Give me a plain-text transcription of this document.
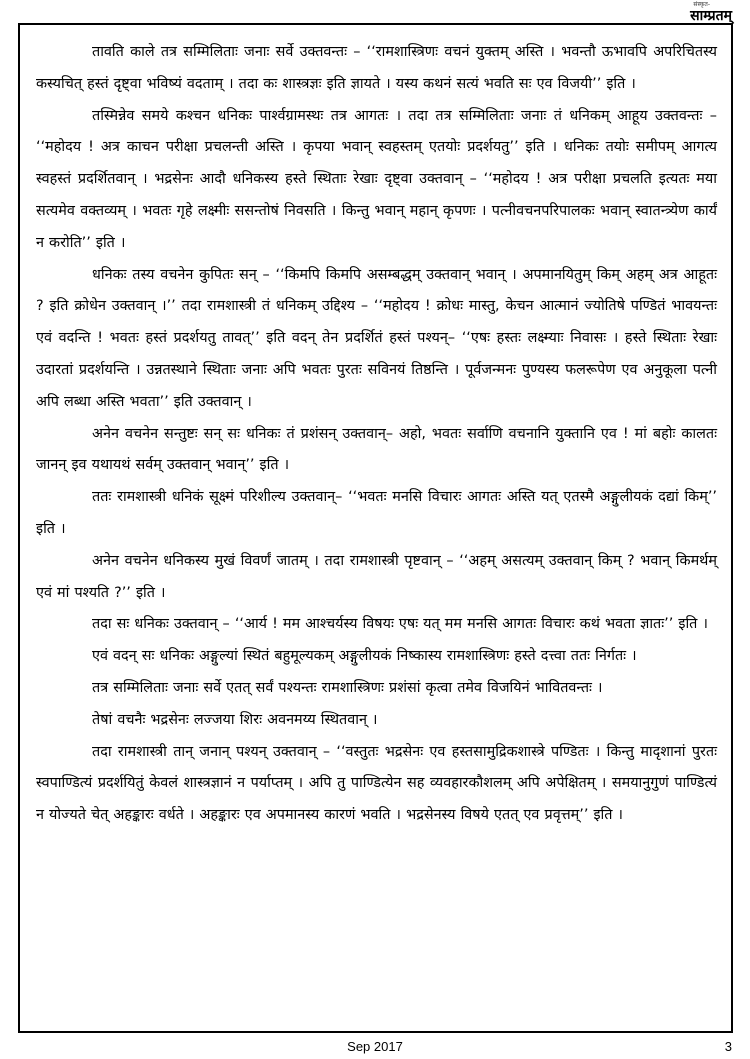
संस्कृत-
साम्प्रतम्

तावति काले तत्र सम्मिलिताः जनाः सर्वे उक्तवन्तः – ‘‘रामशास्त्रिणः वचनं युक्तम् अस्ति । भवन्तौ ऊभावपि अपरिचितस्य कस्यचित् हस्तं दृष्ट्वा भविष्यं वदताम् । तदा कः शास्त्रज्ञः इति ज्ञायते । यस्य कथनं सत्यं भवति सः एव विजयी’’ इति ।

तस्मिन्नेव समये कश्चन धनिकः पार्श्वग्रामस्थः तत्र आगतः । तदा तत्र सम्मिलिताः जनाः तं धनिकम् आहूय उक्तवन्तः – ‘‘महोदय ! अत्र काचन परीक्षा प्रचलन्ती अस्ति । कृपया भवान् स्वहस्तम् एतयोः प्रदर्शयतु’’ इति । धनिकः तयोः समीपम् आगत्य स्वहस्तं प्रदर्शितवान् । भद्रसेनः आदौ धनिकस्य हस्ते स्थिताः रेखाः दृष्ट्वा उक्तवान् – ‘‘महोदय ! अत्र परीक्षा प्रचलति इत्यतः मया सत्यमेव वक्तव्यम् । भवतः गृहे लक्ष्मीः ससन्तोषं निवसति । किन्तु भवान् महान् कृपणः । पत्नीवचनपरिपालकः भवान् स्वातन्त्र्येण कार्यं न करोति’’ इति ।

धनिकः तस्य वचनेन कुपितः सन् – ‘‘किमपि किमपि असम्बद्धम् उक्तवान् भवान् । अपमानयितुम् किम् अहम् अत्र आहूतः ? इति क्रोधेन उक्तवान् ।’’ तदा रामशास्त्री तं धनिकम् उद्दिश्य – ‘‘महोदय ! क्रोधः मास्तु, केचन आत्मानं ज्योतिषे पण्डितं भावयन्तः एवं वदन्ति ! भवतः हस्तं प्रदर्शयतु तावत्’’ इति वदन् तेन प्रदर्शितं हस्तं पश्यन्– ‘‘एषः हस्तः लक्ष्म्याः निवासः । हस्ते स्थिताः रेखाः उदारतां प्रदर्शयन्ति । उन्नतस्थाने स्थिताः जनाः अपि भवतः पुरतः सविनयं तिष्ठन्ति । पूर्वजन्मनः पुण्यस्य फलरूपेण एव अनुकूला पत्नी अपि लब्धा अस्ति भवता’’ इति उक्तवान् ।

अनेन वचनेन सन्तुष्टः सन् सः धनिकः तं प्रशंसन् उक्तवान्– अहो, भवतः सर्वाणि वचनानि युक्तानि एव ! मां बहोः कालतः जानन् इव यथायथं सर्वम् उक्तवान् भवान्’’ इति ।

ततः रामशास्त्री धनिकं सूक्ष्मं परिशील्य उक्तवान्– ‘‘भवतः मनसि विचारः आगतः अस्ति यत् एतस्मै अङ्गुलीयकं दद्यां किम्’’ इति ।

अनेन वचनेन धनिकस्य मुखं विवर्णं जातम् । तदा रामशास्त्री पृष्टवान् – ‘‘अहम् असत्यम् उक्तवान् किम् ? भवान् किमर्थम् एवं मां पश्यति ?’’ इति ।

तदा सः धनिकः उक्तवान् – ‘‘आर्य ! मम आश्चर्यस्य विषयः एषः यत् मम मनसि आगतः विचारः कथं भवता ज्ञातः’’ इति ।

एवं वदन् सः धनिकः अङ्गुल्यां स्थितं बहुमूल्यकम् अङ्गुलीयकं निष्कास्य रामशास्त्रिणः हस्ते दत्त्वा ततः निर्गतः ।

तत्र सम्मिलिताः जनाः सर्वे एतत् सर्वं पश्यन्तः रामशास्त्रिणः प्रशंसां कृत्वा तमेव विजयिनं भावितवन्तः ।

तेषां वचनैः भद्रसेनः लज्जया शिरः अवनमय्य स्थितवान् ।

तदा रामशास्त्री तान् जनान् पश्यन् उक्तवान् – ‘‘वस्तुतः भद्रसेनः एव हस्तसामुद्रिकशास्त्रे पण्डितः । किन्तु मादृशानां पुरतः स्वपाण्डित्यं प्रदर्शयितुं केवलं शास्त्रज्ञानं न पर्याप्तम् । अपि तु पाण्डित्येन सह व्यवहारकौशलम् अपि अपेक्षितम् । समयानुगुणं पाण्डित्यं न योज्यते चेत् अहङ्कारः वर्धते । अहङ्कारः एव अपमानस्य कारणं भवति । भद्रसेनस्य विषये एतत् एव प्रवृत्तम्’’ इति ।

Sep 2017	3
